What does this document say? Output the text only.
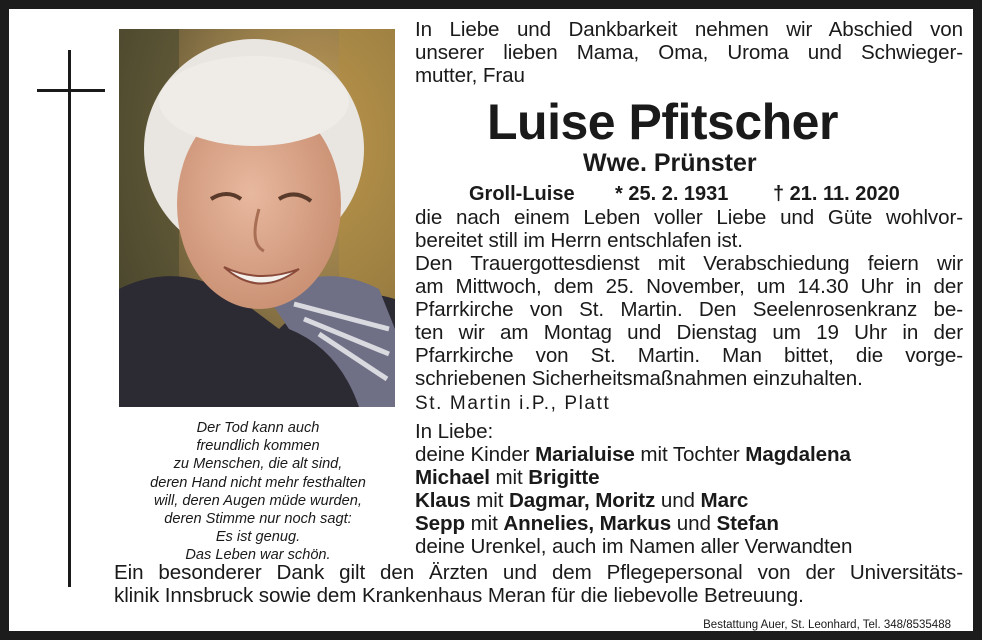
Der Tod kann auch
freundlich kommen
zu Menschen, die alt sind,
deren Hand nicht mehr festhalten
will, deren Augen müde wurden,
deren Stimme nur noch sagt:
Es ist genug.
Das Leben war schön.
In Liebe und Dankbarkeit nehmen wir Abschied von
unserer lieben Mama, Oma, Uroma und Schwieger-
mutter, Frau
Luise Pfitscher
Wwe. Prünster
Groll-Luise * 25. 2. 1931 † 21. 11. 2020
die nach einem Leben voller Liebe und Güte wohlvor-
bereitet still im Herrn entschlafen ist.
Den Trauergottesdienst mit Verabschiedung feiern wir
am Mittwoch, dem 25. November, um 14.30 Uhr in der
Pfarrkirche von St. Martin. Den Seelenrosenkranz be-
ten wir am Montag und Dienstag um 19 Uhr in der
Pfarrkirche von St. Martin. Man bittet, die vorge-
schriebenen Sicherheitsmaßnahmen einzuhalten.
St. Martin i.P., Platt
In Liebe:
deine Kinder Marialuise mit Tochter Magdalena
Michael mit Brigitte
Klaus mit Dagmar, Moritz und Marc
Sepp mit Annelies, Markus und Stefan
deine Urenkel, auch im Namen aller Verwandten
Ein besonderer Dank gilt den Ärzten und dem Pflegepersonal von der Universitäts-
klinik Innsbruck sowie dem Krankenhaus Meran für die liebevolle Betreuung.
Bestattung Auer, St. Leonhard, Tel. 348/8535488
